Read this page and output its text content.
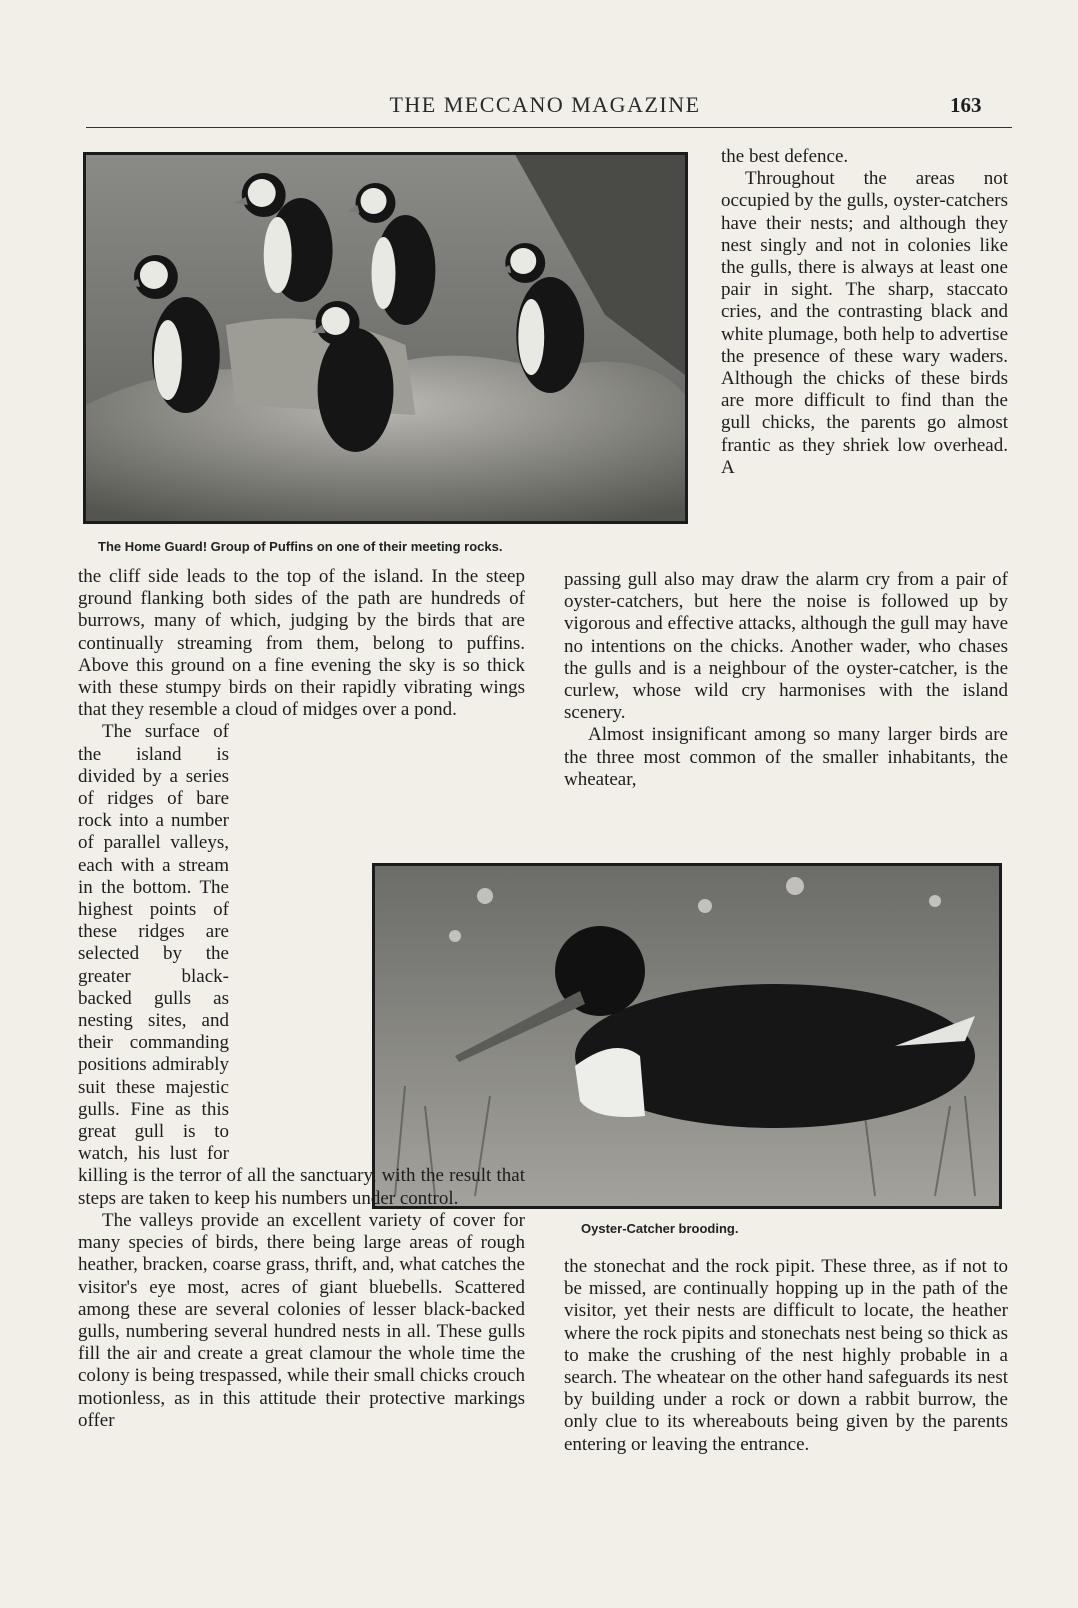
THE MECCANO MAGAZINE	163
The Home Guard! Group of Puffins on one of their meeting rocks.
Oyster-Catcher brooding.

the best defence.

Throughout the areas not occupied by the gulls, oyster-catchers have their nests; and although they nest singly and not in colonies like the gulls, there is always at least one pair in sight. The sharp, staccato cries, and the contrasting black and white plumage, both help to advertise the presence of these wary waders. Although the chicks of these birds are more difficult to find than the gull chicks, the parents go almost frantic as they shriek low overhead. A

passing gull also may draw the alarm cry from a pair of oyster-catchers, but here the noise is followed up by vigorous and effective attacks, although the gull may have no intentions on the chicks. Another wader, who chases the gulls and is a neighbour of the oyster-catcher, is the curlew, whose wild cry harmonises with the island scenery.

Almost insignificant among so many larger birds are the three most common of the smaller inhabitants, the wheatear,

the cliff side leads to the top of the island. In the steep ground flanking both sides of the path are hundreds of burrows, many of which, judging by the birds that are continually streaming from them, belong to puffins. Above this ground on a fine evening the sky is so thick with these stumpy birds on their rapidly vibrating wings that they resemble a cloud of midges over a pond.

The surface of the island is divided by a series of ridges of bare rock into a number of parallel valleys, each with a stream in the bottom. The highest points of these ridges are selected by the greater black-backed gulls as nesting sites, and their commanding positions admirably suit these majestic gulls. Fine as this great gull is to watch, his lust for killing is the terror of all the sanctuary, with the result that steps are taken to keep his numbers under control.

The valleys provide an excellent variety of cover for many species of birds, there being large areas of rough heather, bracken, coarse grass, thrift, and, what catches the visitor's eye most, acres of giant bluebells. Scattered among these are several colonies of lesser black-backed gulls, numbering several hundred nests in all. These gulls fill the air and create a great clamour the whole time the colony is being trespassed, while their small chicks crouch motionless, as in this attitude their protective markings offer

the stonechat and the rock pipit. These three, as if not to be missed, are continually hopping up in the path of the visitor, yet their nests are difficult to locate, the heather where the rock pipits and stonechats nest being so thick as to make the crushing of the nest highly probable in a search. The wheatear on the other hand safeguards its nest by building under a rock or down a rabbit burrow, the only clue to its whereabouts being given by the parents entering or leaving the entrance.
